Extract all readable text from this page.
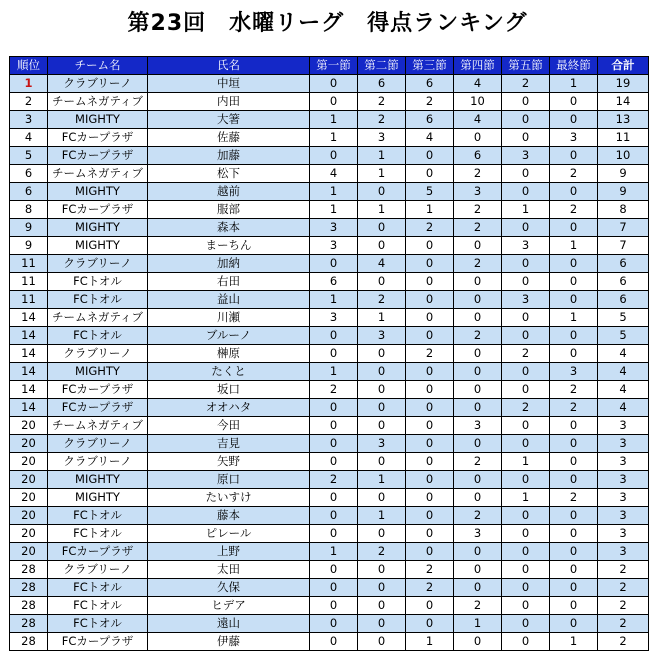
第23回　水曜リーグ　得点ランキング
順位	チーム名	氏名	第一節	第二節	第三節	第四節	第五節	最終節	合計
1	クラブリーノ	中垣	0	6	6	4	2	1	19
2	チームネガティブ	内田	0	2	2	10	0	0	14
3	MIGHTY	大箸	1	2	6	4	0	0	13
4	FCカープラザ	佐藤	1	3	4	0	0	3	11
5	FCカープラザ	加藤	0	1	0	6	3	0	10
6	チームネガティブ	松下	4	1	0	2	0	2	9
6	MIGHTY	越前	1	0	5	3	0	0	9
8	FCカープラザ	服部	1	1	1	2	1	2	8
9	MIGHTY	森本	3	0	2	2	0	0	7
9	MIGHTY	まーちん	3	0	0	0	3	1	7
11	クラブリーノ	加納	0	4	0	2	0	0	6
11	FCトオル	右田	6	0	0	0	0	0	6
11	FCトオル	益山	1	2	0	0	3	0	6
14	チームネガティブ	川瀬	3	1	0	0	0	1	5
14	FCトオル	ブルーノ	0	3	0	2	0	0	5
14	クラブリーノ	榊原	0	0	2	0	2	0	4
14	MIGHTY	たくと	1	0	0	0	0	3	4
14	FCカープラザ	坂口	2	0	0	0	0	2	4
14	FCカープラザ	オオハタ	0	0	0	0	2	2	4
20	チームネガティブ	今田	0	0	0	3	0	0	3
20	クラブリーノ	吉見	0	3	0	0	0	0	3
20	クラブリーノ	矢野	0	0	0	2	1	0	3
20	MIGHTY	原口	2	1	0	0	0	0	3
20	MIGHTY	たいすけ	0	0	0	0	1	2	3
20	FCトオル	藤本	0	1	0	2	0	0	3
20	FCトオル	ピレール	0	0	0	3	0	0	3
20	FCカープラザ	上野	1	2	0	0	0	0	3
28	クラブリーノ	太田	0	0	2	0	0	0	2
28	FCトオル	久保	0	0	2	0	0	0	2
28	FCトオル	ヒデア	0	0	0	2	0	0	2
28	FCトオル	遠山	0	0	0	1	0	0	2
28	FCカープラザ	伊藤	0	0	1	0	0	1	2
